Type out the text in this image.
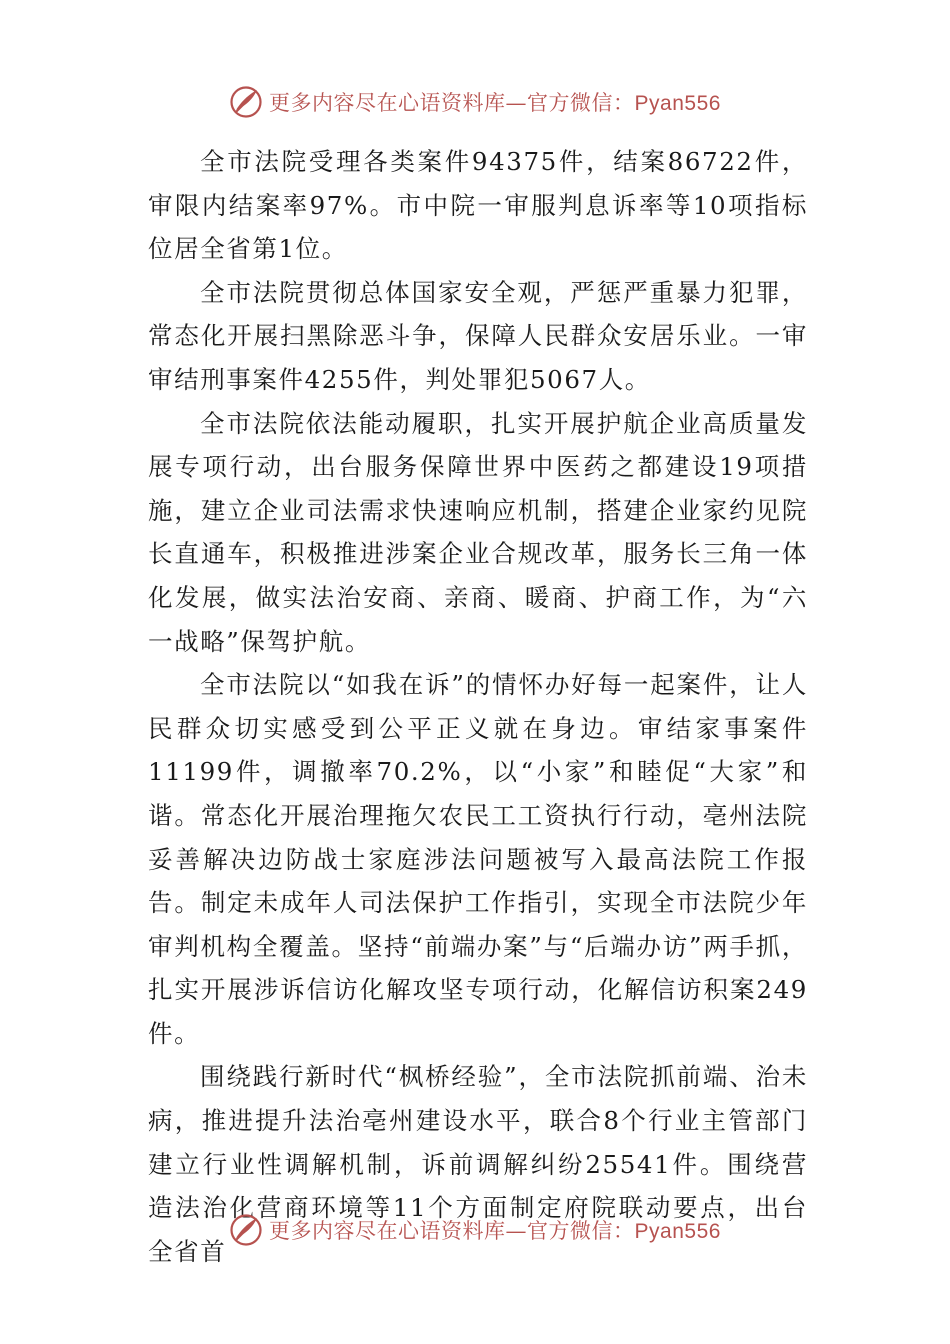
更多内容尽在心语资料库—官方微信：Pyan556

全市法院受理各类案件94375件，结案86722件，审限内结案率97%。市中院一审服判息诉率等10项指标位居全省第1位。

全市法院贯彻总体国家安全观，严惩严重暴力犯罪，常态化开展扫黑除恶斗争，保障人民群众安居乐业。一审审结刑事案件4255件，判处罪犯5067人。

全市法院依法能动履职，扎实开展护航企业高质量发展专项行动，出台服务保障世界中医药之都建设19项措施，建立企业司法需求快速响应机制，搭建企业家约见院长直通车，积极推进涉案企业合规改革，服务长三角一体化发展，做实法治安商、亲商、暖商、护商工作，为“六一战略”保驾护航。

全市法院以“如我在诉”的情怀办好每一起案件，让人民群众切实感受到公平正义就在身边。审结家事案件11199件，调撤率70.2%，以“小家”和睦促“大家”和谐。常态化开展治理拖欠农民工工资执行行动，亳州法院妥善解决边防战士家庭涉法问题被写入最高法院工作报告。制定未成年人司法保护工作指引，实现全市法院少年审判机构全覆盖。坚持“前端办案”与“后端办访”两手抓，扎实开展涉诉信访化解攻坚专项行动，化解信访积案249件。

围绕践行新时代“枫桥经验”，全市法院抓前端、治未病，推进提升法治亳州建设水平，联合8个行业主管部门建立行业性调解机制，诉前调解纠纷25541件。围绕营造法治化营商环境等11个方面制定府院联动要点，出台全省首

更多内容尽在心语资料库—官方微信：Pyan556
